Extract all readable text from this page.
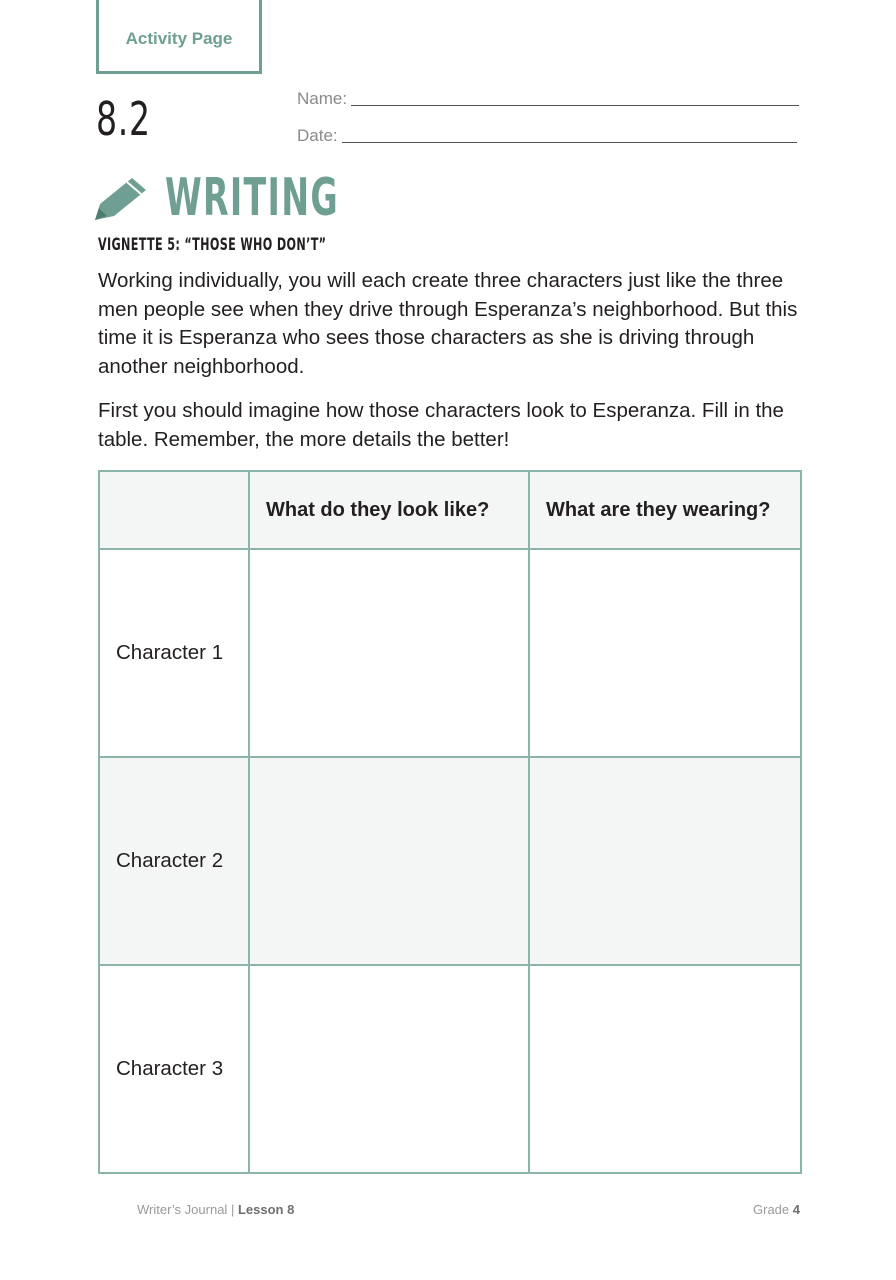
Activity Page
8.2	Name:
Date:
WRITING
VIGNETTE 5: “THOSE WHO DON’T”

Working individually, you will each create three characters just like the three men people see when they drive through Esperanza’s neighborhood. But this time it is Esperanza who sees those characters as she is driving through another neighborhood.

First you should imagine how those characters look to Esperanza. Fill in the table. Remember, the more details the better!

	What do they look like?	What are they wearing?
Character 1		
Character 2		
Character 3		
Writer’s Journal | Lesson 8	Grade 4
